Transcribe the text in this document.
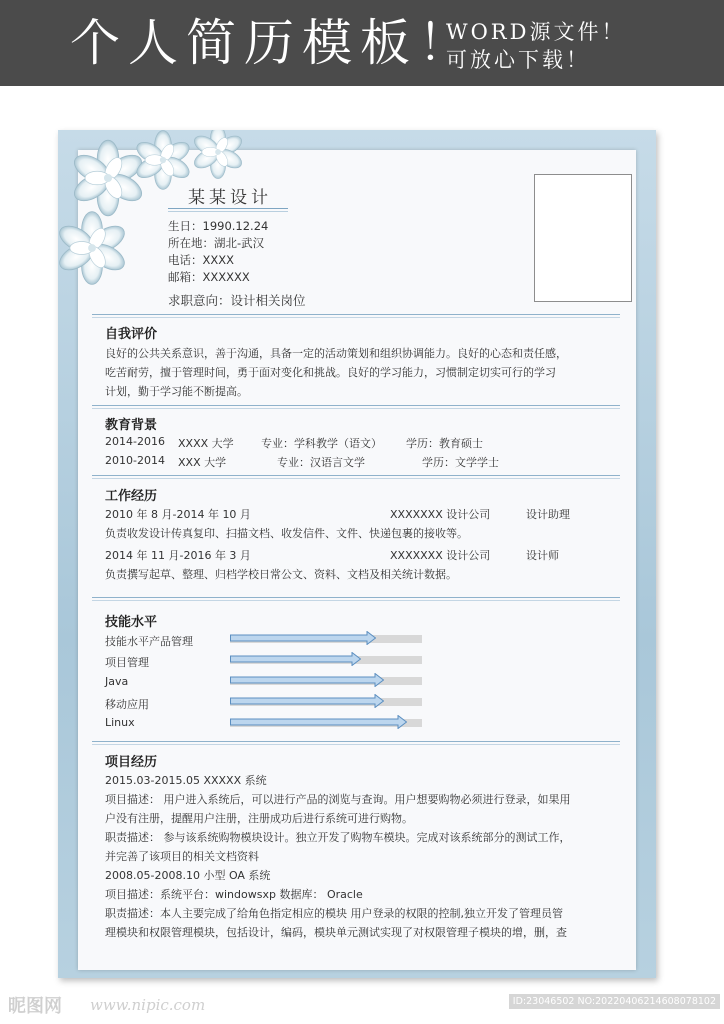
个人简历模板！
WORD源文件！
可放心下载！
某某设计
生日：1990.12.24
所在地：湖北-武汉
电话：XXXX
邮箱：XXXXXX
求职意向：设计相关岗位
自我评价
良好的公共关系意识，善于沟通，具备一定的活动策划和组织协调能力。良好的心态和责任感，
吃苦耐劳，擅于管理时间，勇于面对变化和挑战。良好的学习能力，习惯制定切实可行的学习
计划，勤于学习能不断提高。
教育背景
2014-2016 XXXX 大学 专业：学科教学（语文） 学历：教育硕士
2010-2014 XXX 大学	专业：汉语言文学	学历：文学学士
工作经历
2010 年 8 月-2014 年 10 月	XXXXXXX 设计公司	设计助理
负责收发设计传真复印、扫描文档、收发信件、文件、快递包裹的接收等。
2014 年 11 月-2016 年 3 月	XXXXXXX 设计公司	设计师
负责撰写起草、整理、归档学校日常公文、资料、文档及相关统计数据。
技能水平
技能水平产品管理
项目管理
Java
移动应用
Linux
项目经历
2015.03-2015.05 XXXXX 系统
项目描述： 用户进入系统后，可以进行产品的浏览与查询。用户想要购物必须进行登录，如果用
户没有注册，提醒用户注册，注册成功后进行系统可进行购物。
职责描述： 参与该系统购物模块设计。独立开发了购物车模块。完成对该系统部分的测试工作，
并完善了该项目的相关文档资料
2008.05-2008.10 小型 OA 系统
项目描述：系统平台：windowsxp 数据库： Oracle
职责描述：本人主要完成了给角色指定相应的模块 用户登录的权限的控制,独立开发了管理员管
理模块和权限管理模块，包括设计，编码，模块单元测试实现了对权限管理子模块的增，删，查
昵图网 www.nipic.com	ID:23046502 NO:20220406214608078102
